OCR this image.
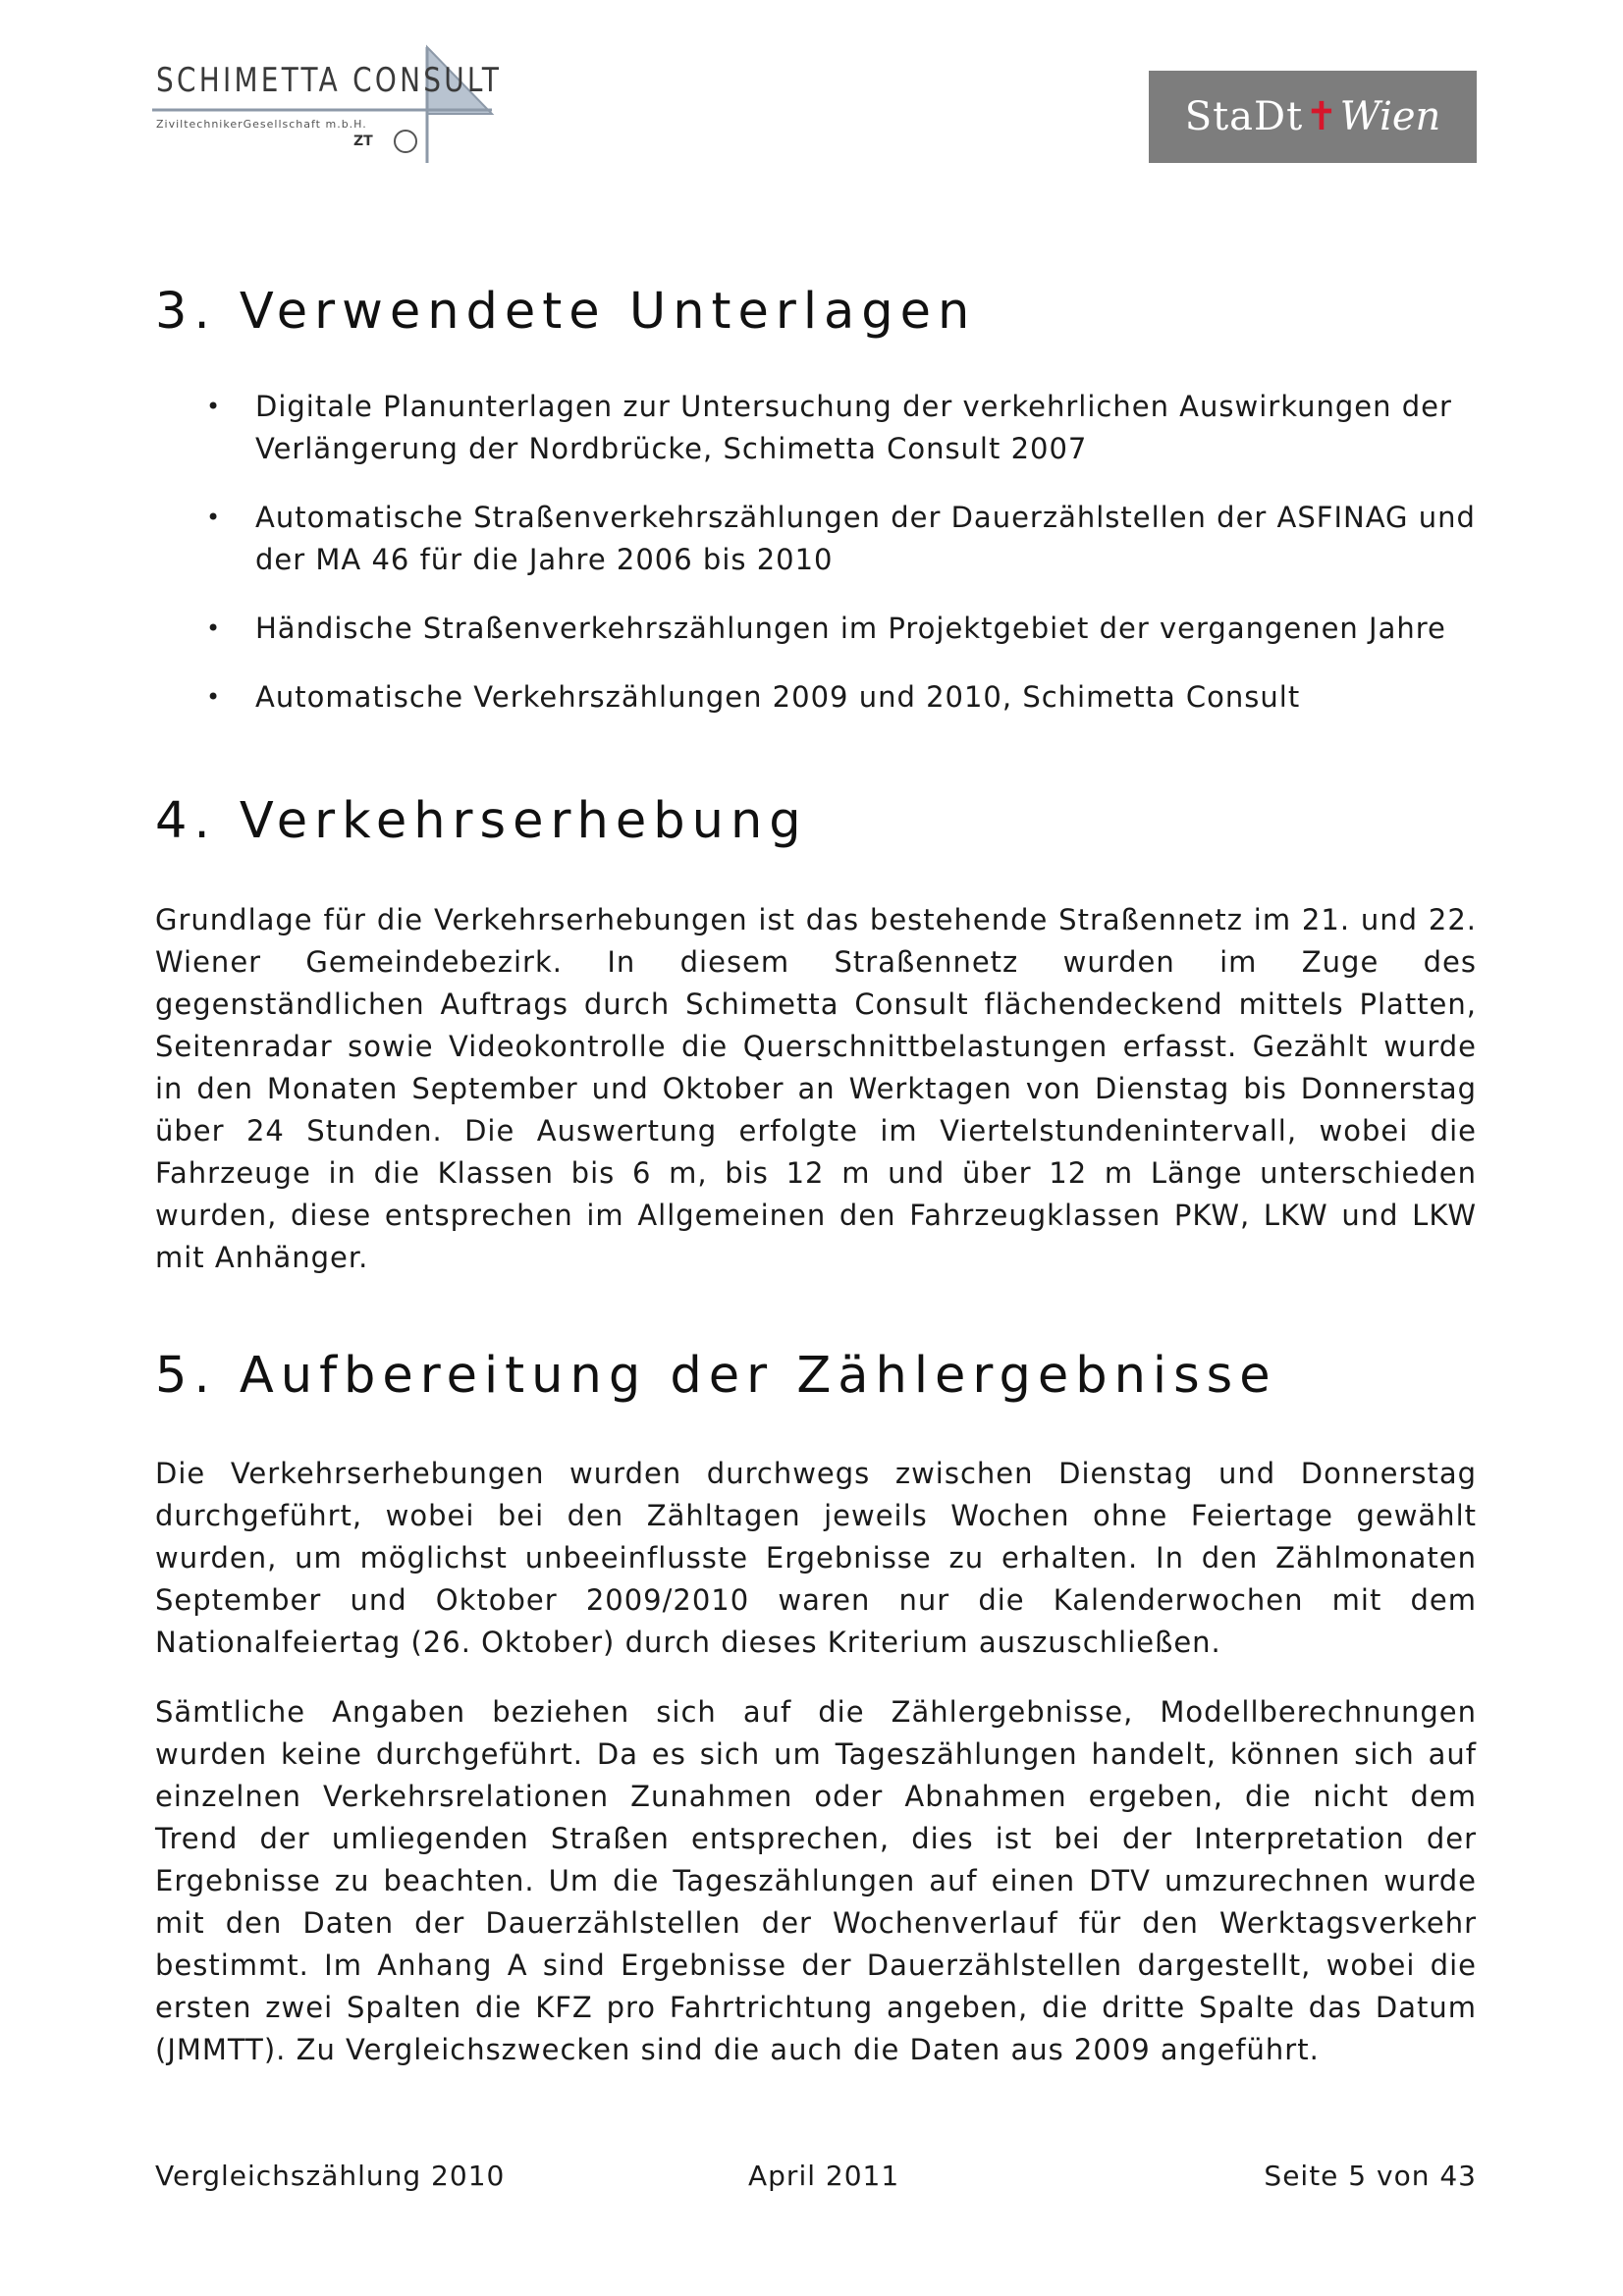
SCHIMETTA CONSULT
ZiviltechnikerGesellschaft m.b.H.
ZT
StaDt ✝ Wien
3. Verwendete Unterlagen
• Digitale Planunterlagen zur Untersuchung der verkehrlichen Auswirkungen der Verlängerung der Nordbrücke, Schimetta Consult 2007
• Automatische Straßenverkehrszählungen der Dauerzählstellen der ASFINAG und der MA 46 für die Jahre 2006 bis 2010
• Händische Straßenverkehrszählungen im Projektgebiet der vergangenen Jahre
• Automatische Verkehrszählungen 2009 und 2010, Schimetta Consult
4. Verkehrserhebung

Grundlage für die Verkehrserhebungen ist das bestehende Straßennetz im 21. und 22. Wiener Gemeindebezirk. In diesem Straßennetz wurden im Zuge des gegenständlichen Auftrags durch Schimetta Consult flächendeckend mittels Platten, Seitenradar sowie Videokontrolle die Querschnittbelastungen erfasst. Gezählt wurde in den Monaten September und Oktober an Werktagen von Dienstag bis Donnerstag über 24 Stunden. Die Auswertung erfolgte im Viertelstundenintervall, wobei die Fahrzeuge in die Klassen bis 6 m, bis 12 m und über 12 m Länge unterschieden wurden, diese entsprechen im Allgemeinen den Fahrzeugklassen PKW, LKW und LKW mit Anhänger.

5. Aufbereitung der Zählergebnisse

Die Verkehrserhebungen wurden durchwegs zwischen Dienstag und Donnerstag durchgeführt, wobei bei den Zähltagen jeweils Wochen ohne Feiertage gewählt wurden, um möglichst unbeeinflusste Ergebnisse zu erhalten. In den Zählmonaten September und Oktober 2009/2010 waren nur die Kalenderwochen mit dem Nationalfeiertag (26. Oktober) durch dieses Kriterium auszuschließen.

Sämtliche Angaben beziehen sich auf die Zählergebnisse, Modellberechnungen wurden keine durchgeführt. Da es sich um Tageszählungen handelt, können sich auf einzelnen Verkehrsrelationen Zunahmen oder Abnahmen ergeben, die nicht dem Trend der umliegenden Straßen entsprechen, dies ist bei der Interpretation der Ergebnisse zu beachten. Um die Tageszählungen auf einen DTV umzurechnen wurde mit den Daten der Dauerzählstellen der Wochenverlauf für den Werktagsverkehr bestimmt. Im Anhang A sind Ergebnisse der Dauerzählstellen dargestellt, wobei die ersten zwei Spalten die KFZ pro Fahrtrichtung angeben, die dritte Spalte das Datum (JMMTT). Zu Vergleichszwecken sind die auch die Daten aus 2009 angeführt.

Vergleichszählung 2010	April 2011	Seite 5 von 43
